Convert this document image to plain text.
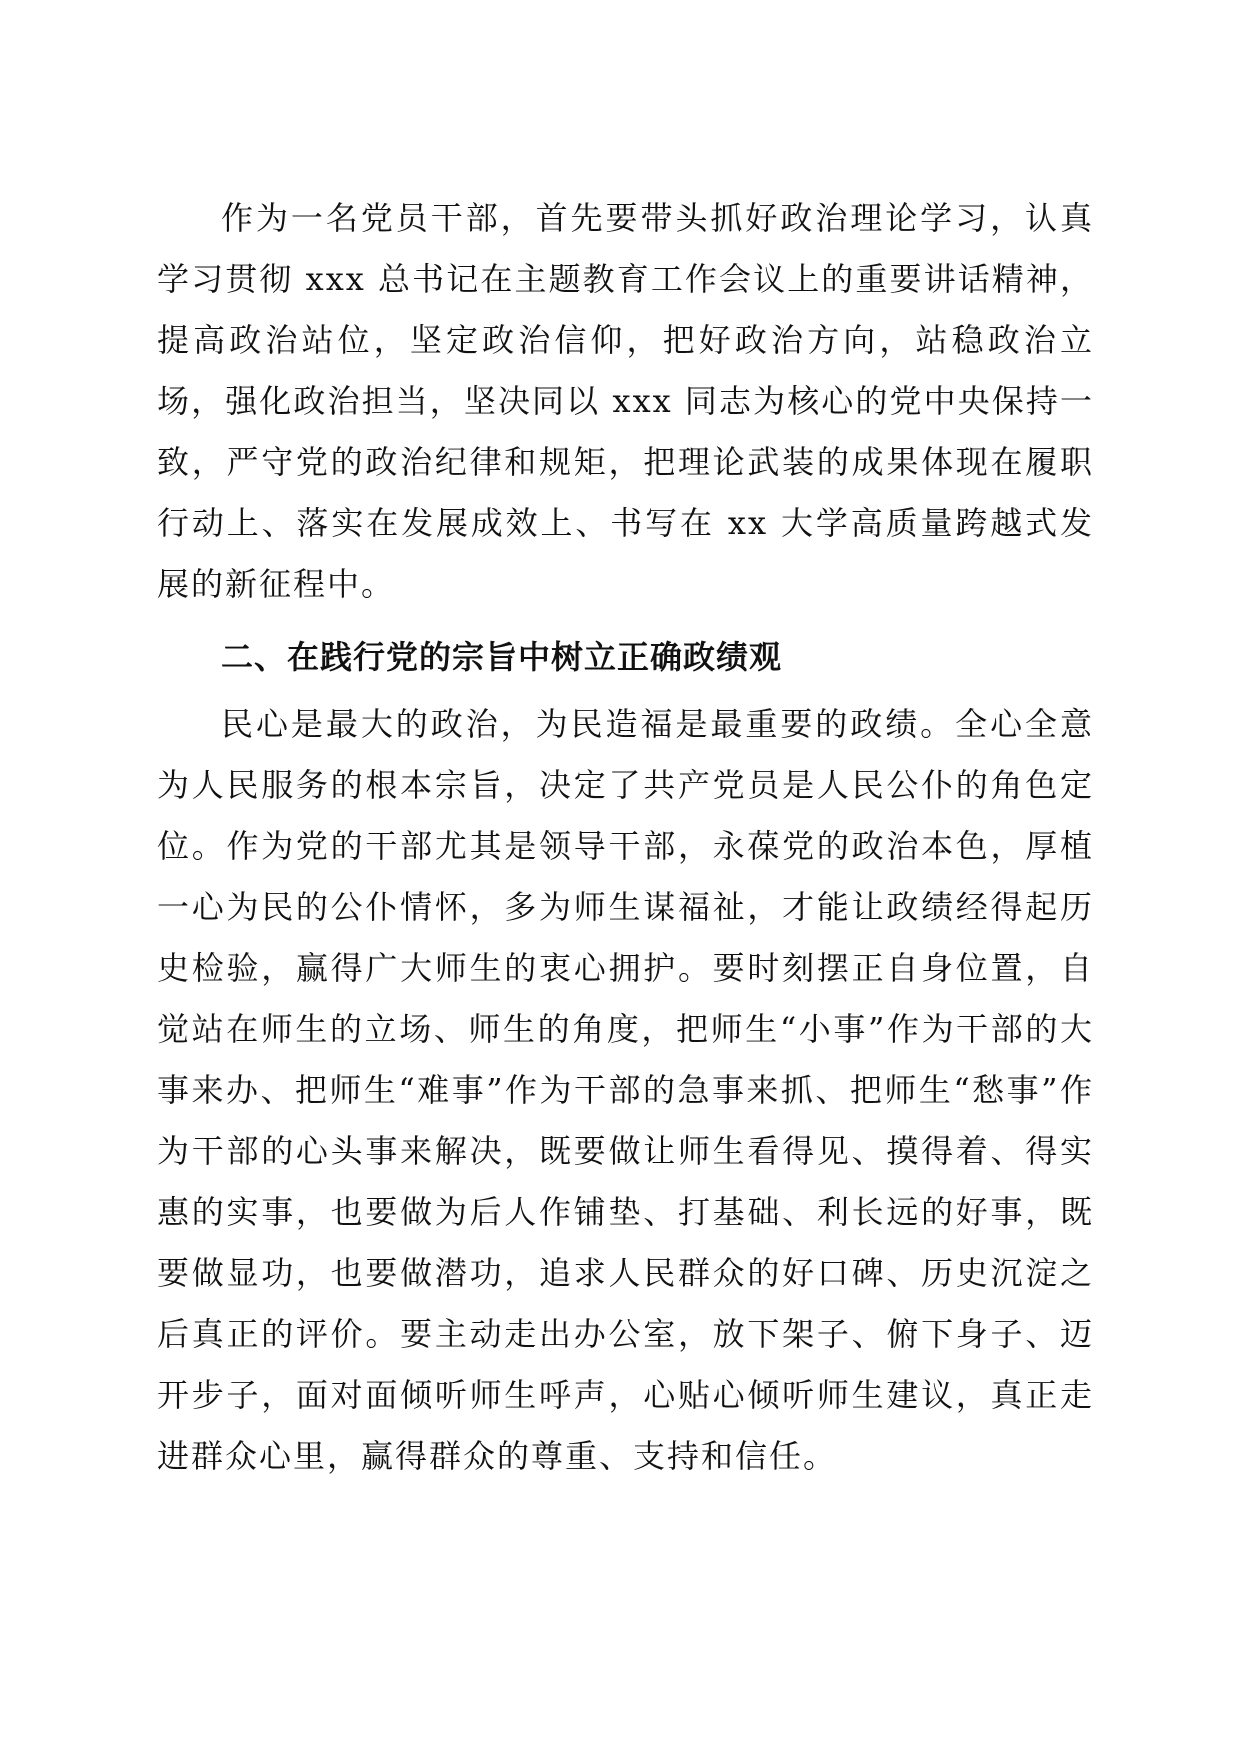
作为一名党员干部，首先要带头抓好政治理论学习，认真学习贯彻 xxx 总书记在主题教育工作会议上的重要讲话精神，提高政治站位，坚定政治信仰，把好政治方向，站稳政治立场，强化政治担当，坚决同以 xxx 同志为核心的党中央保持一致，严守党的政治纪律和规矩，把理论武装的成果体现在履职行动上、落实在发展成效上、书写在 xx 大学高质量跨越式发展的新征程中。

二、在践行党的宗旨中树立正确政绩观

民心是最大的政治，为民造福是最重要的政绩。全心全意为人民服务的根本宗旨，决定了共产党员是人民公仆的角色定位。作为党的干部尤其是领导干部，永葆党的政治本色，厚植一心为民的公仆情怀，多为师生谋福祉，才能让政绩经得起历史检验，赢得广大师生的衷心拥护。要时刻摆正自身位置，自觉站在师生的立场、师生的角度，把师生“小事”作为干部的大事来办、把师生“难事”作为干部的急事来抓、把师生“愁事”作为干部的心头事来解决，既要做让师生看得见、摸得着、得实惠的实事，也要做为后人作铺垫、打基础、利长远的好事，既要做显功，也要做潜功，追求人民群众的好口碑、历史沉淀之后真正的评价。要主动走出办公室，放下架子、俯下身子、迈开步子，面对面倾听师生呼声，心贴心倾听师生建议，真正走进群众心里，赢得群众的尊重、支持和信任。
